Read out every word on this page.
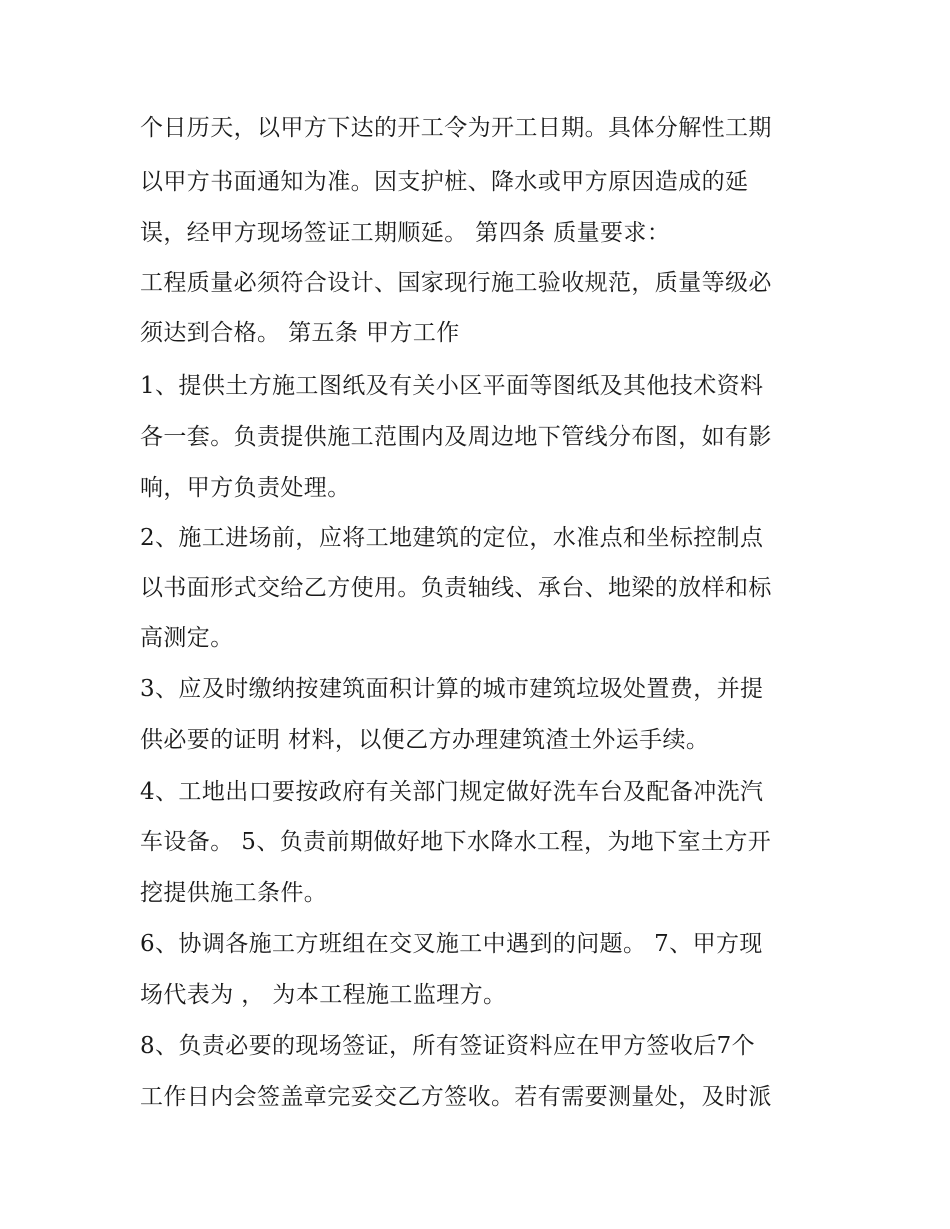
个日历天，以甲方下达的开工令为开工日期。具体分解性工期

以甲方书面通知为准。因支护桩、降水或甲方原因造成的延

误，经甲方现场签证工期顺延。 第四条 质量要求：

工程质量必须符合设计、国家现行施工验收规范，质量等级必

须达到合格。 第五条 甲方工作

1、提供土方施工图纸及有关小区平面等图纸及其他技术资料

各一套。负责提供施工范围内及周边地下管线分布图，如有影

响，甲方负责处理。

2、施工进场前，应将工地建筑的定位，水准点和坐标控制点

以书面形式交给乙方使用。负责轴线、承台、地梁的放样和标

高测定。

3、应及时缴纳按建筑面积计算的城市建筑垃圾处置费，并提

供必要的证明 材料，以便乙方办理建筑渣土外运手续。

4、工地出口要按政府有关部门规定做好洗车台及配备冲洗汽

车设备。 5、负责前期做好地下水降水工程，为地下室土方开

挖提供施工条件。

6、协调各施工方班组在交叉施工中遇到的问题。 7、甲方现

场代表为 ， 为本工程施工监理方。

8、负责必要的现场签证，所有签证资料应在甲方签收后7个

工作日内会签盖章完妥交乙方签收。若有需要测量处，及时派
